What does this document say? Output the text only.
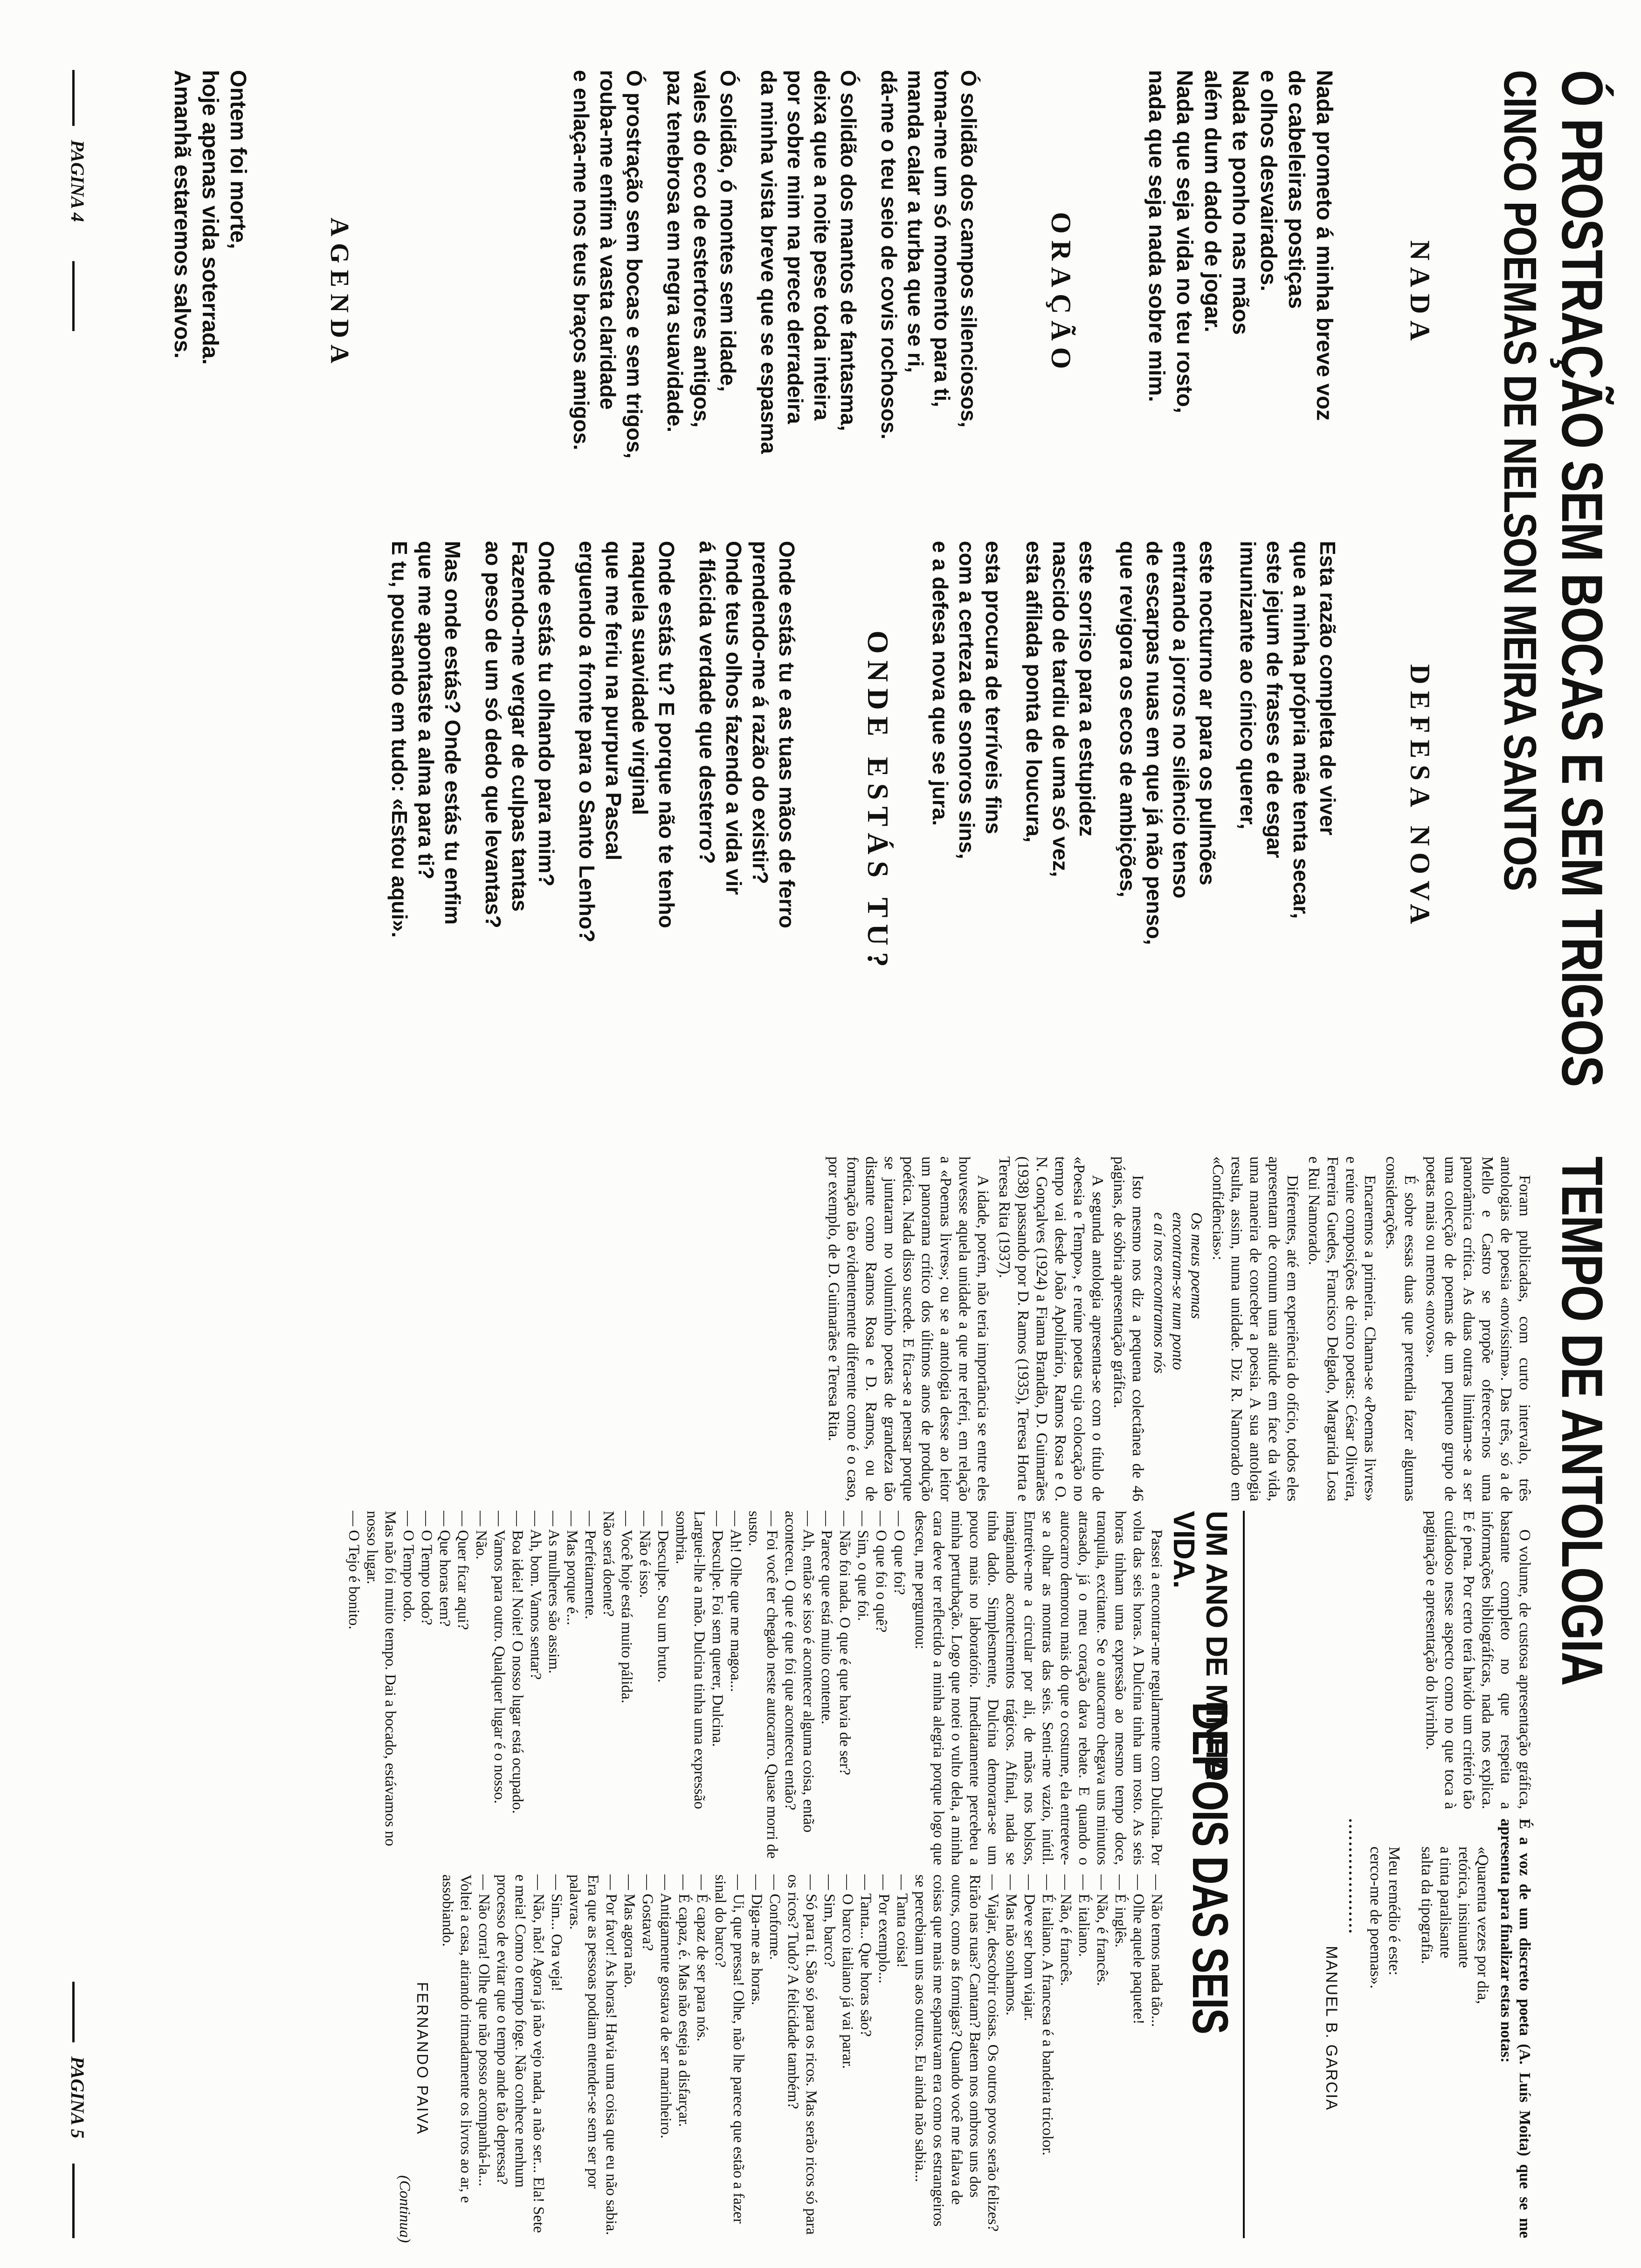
Ó PROSTRAÇÃO SEM BOCAS E SEM TRIGOS
CINCO POEMAS DE NELSON MEIRA SANTOS
NADA

Nada prometo á minha breve voz
de cabeleiras postiças
e olhos desvairados.
Nada te ponho nas mãos
além dum dado de jogar.
Nada que seja vida no teu rosto,
nada que seja nada sobre mim.

ORAÇÃO

Ó solidão dos campos silenciosos,
toma-me um só momento para ti,
manda calar a turba que se ri,
dá-me o teu seio de covis rochosos.

Ó solidão dos mantos de fantasma,
deixa que a noite pese toda inteira
por sobre mim na prece derradeira
da minha vista breve que se espasma

Ó solidão, ó montes sem idade,
vales do eco de estertores antigos,
paz tenebrosa em negra suavidade.

Ó prostração sem bocas e sem trigos,
rouba-me enfim à vasta claridade
e enlaça-me nos teus braços amigos.

AGENDA

Ontem foi morte,
hoje apenas vida soterrada.
Amanhã estaremos salvos.

DEFESA NOVA

Esta razão completa de viver
que a minha própria mãe tenta secar,
este jejum de frases e de esgar
imunizante ao cínico querer,

este nocturno ar para os pulmões
entrando a jorros no silêncio tenso
de escarpas nuas em que já não penso,
que revigora os ecos de ambições,

este sorriso para a estupidez
nascido de tardiu de uma só vez,
esta afilada ponta de loucura,

esta procura de terríveis fins
com a certeza de sonoros sins,
e a defesa nova que se jura.

ONDE ESTÁS TU?

Onde estás tu e as tuas mãos de ferro
prendendo-me á razão do existir?
Onde teus olhos fazendo a vida vir
á flácida verdade que desterro?

Onde estás tu? E porque não te tenho
naquela suavidade virginal
que me feriu na purpura Pascal
erguendo a fronte para o Santo Lenho?

Onde estás tu olhando para mim?
Fazendo-me vergar de culpas tantas
ao peso de um só dedo que levantas?

Mas onde estás? Onde estás tu enfim
que me apontaste a alma para ti?
E tu, pousando em tudo: «Estou aqui».

PAGINA 4
TEMPO DE ANTOLOGIA

Foram publicadas, com curto intervalo, três antologias de poesia «novíssima». Das três, só a de Mello e Castro se propõe oferecer-nos uma panorâmica crítica. As duas outras limitam-se a ser uma colecção de poemas de um pequeno grupo de poetas mais ou menos «novos».

É sobre essas duas que pretendia fazer algumas considerações.

Encaremos a primeira. Chama-se «Poemas livres» e reúne composições de cinco poetas: César Oliveira, Ferreira Guedes, Francisco Delgado, Margarida Losa e Rui Namorado.

Diferentes, até em experiência do ofício, todos eles apresentam de comum uma atitude em face da vida, uma maneira de conceber a poesia. A sua antologia resulta, assim, numa unidade. Diz R. Namorado em «Confidências»:

Os meus poemas
encontram-se num ponto
e aí nos encontramos nós

Isto mesmo nos diz a pequena colectânea de 46 páginas, de sóbria apresentação gráfica.

A segunda antologia apresenta-se com o título de «Poesia e Tempo», e reúne poetas cuja colocação no tempo vai desde João Apolinário, Ramos Rosa e O. N. Gonçalves (1924) a Fiama Brandão, D. Guimarães (1938) passando por D. Ramos (1935), Teresa Horta e Teresa Rita (1937).

A idade, porém, não teria importância se entre eles houvesse aquela unidade a que me referi, em relação a «Poemas livres»; ou se a antologia desse ao leitor um panorama crítico dos últimos anos de produção poética. Nada disso sucede. E fica-se a pensar porque se juntaram no volumínho poetas de grandeza tão distante como Ramos Rosa e D. Ramos, ou de formação tão evidentemente diferente como é o caso, por exemplo, de D. Guimarães e Teresa Rita.

O volume, de custosa apresentação gráfica, bastante completo no que respeita a informações bibliográficas, nada nos explica. E é pena. Por certo terá havido um critério tão cuidadoso nesse aspecto como no que toca à paginação e apresentação do livrinho.

É a voz de um discreto poeta (A. Luís Moita) que se me apresenta para finalizar estas notas:
«Quarenta vezes por dia,
retórica, insinuante
a tinta paralisante
salta da tipografia.

Meu remédio é este:
cerco-me de poemas».
....................
MANUEL B. GARCIA
UM ANO DE MINHA VIDA.
DEPOIS DAS SEIS

Passei a encontrar-me regularmente com Dulcina. Por volta das seis horas. A Dulcina tinha um rosto. As seis horas tinham uma expressão ao mesmo tempo doce, tranquila, excitante. Se o autocarro chegava uns minutos atrasado, já o meu coração dava rebate. E quando o autocarro demorou mais do que o costume, ela entreteve-se a olhar as montras das seis. Senti-me vazio, inútil. Entretive-me a circular por ali, de mãos nos bolsos, imaginando acontecimentos trágicos. Afinal, nada se tinha dado. Simplesmente, Dulcina demorara-se um pouco mais no laboratório. Imediatamente percebeu a minha perturbação. Logo que notei o vulto dela, a minha cara deve ter reflectido a minha alegria porque logo que desceu, me perguntou:

— O que foi?
— O que foi o quê?
— Sim, o que foi.
— Não foi nada. O que é que havia de ser?
— Parece que está muito contente.
— Ah, então se isso é acontecer alguma coisa, então aconteceu. O que é que foi que aconteceu então?
— Foi você ter chegado neste autocarro. Quase morri de susto.
— Ah! Olhe que me magoa...
— Desculpe. Foi sem querer, Dulcina.
Larguei-lhe a mão. Dulcina tinha uma expressão sombria.
— Desculpe. Sou um bruto.
— Não é isso.
— Você hoje está muito pálida.
Não será doente?
— Perfeitamente.
— Mas porque é...
— As mulheres são assim.
— Ah, bom. Vamos sentar?
— Boa ideia! Noite! O nosso lugar está ocupado.
— Vamos para outro. Qualquer lugar é o nosso.
— Não.
— Quer ficar aqui?
— Que horas tem?
— O Tempo todo?
— O Tempo todo.
Mas não foi muito tempo. Dai a bocado, estávamos no nosso lugar.
— O Tejo é bonito.
— Não temos nada tão...
— Olhe aquele paquete!
— É inglês.
— Não, é francês.
— É italiano.
— Não, é francês.
— É italiano. A francesa é a bandeira tricolor.
— Deve ser bom viajar.
— Mas não sonhamos.
— Viajar, descobrir coisas. Os outros povos serão felizes? Rirão nas ruas? Cantam? Batem nos ombros uns dos outros, como as formigas? Quando você me falava de coisas que mais me espantavam era como os estrangeiros se percebiam uns aos outros. Eu ainda não sabia...
— Tanta coisa!
— Por exemplo...
— Tanta... Que horas são?
— O barco italiano já vai parar.
— Sim, barco?
— Só para ti. São só para os ricos. Mas serão ricos só para os ricos? Tudo? A felicidade também?
— Conforme.
— Diga-me as horas.
— Ui, que pressa! Olhe, não lhe parece que estão a fazer sinal do barco?
— É capaz de ser para nós.
— É capaz, é. Mas não esteja a disfarçar.
— Antigamente gostava de ser marinheiro.
— Gostava?
— Mas agora não.
— Por favor! As horas! Havia uma coisa que eu não sabia. Era que as pessoas podiam entender-se sem ser por palavras.
— Sim... Ora veja!
— Não, não! Agora já não vejo nada, a não ser... Ela! Sete e meia! Como o tempo foge. Não conhece nenhum processo de evitar que o tempo ande tão depressa?
— Não corra! Olhe que não posso acompanhá-la...
Voltei a casa, atirando ritmadamente os livros ao ar, e assobiando.
FERNANDO PAIVA
(Continua)
PAGINA 5
